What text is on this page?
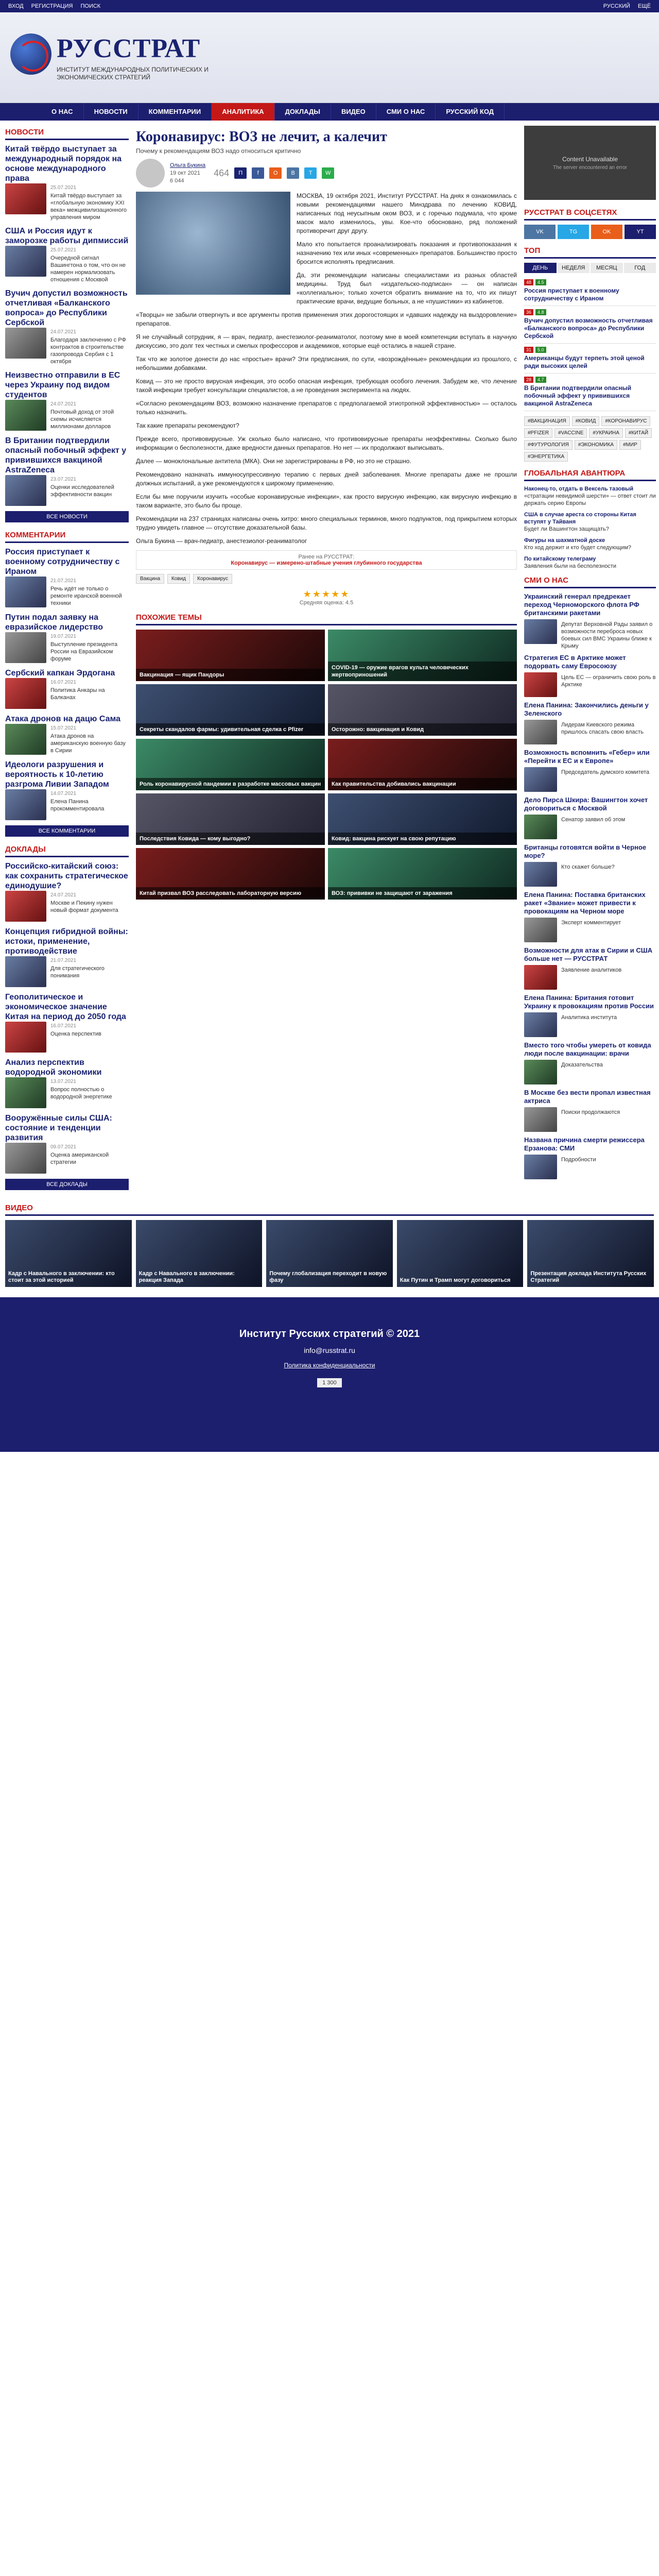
ВХОД РЕГИСТРАЦИЯ ПОИСК	РУССКИЙ ЕЩЁ
РУССТРАТ
ИНСТИТУТ МЕЖДУНАРОДНЫХ ПОЛИТИЧЕСКИХ И ЭКОНОМИЧЕСКИХ СТРАТЕГИЙ
О НАС	НОВОСТИ	КОММЕНТАРИИ	АНАЛИТИКА	ДОКЛАДЫ	ВИДЕО	СМИ О НАС	РУССКИЙ КОД
НОВОСТИ
Китай твёрдо выступает за международный порядок на основе международного права
25.07.2021
Китай твёрдо выступает за «глобальную экономику XXI века» межцивилизационного управления миром
США и Россия идут к заморозке работы дипмиссий
25.07.2021
Очередной сигнал Вашингтона о том, что он не намерен нормализовать отношения с Москвой
Вучич допустил возможность отчетливая «Балканского вопроса» до Республики Сербской
24.07.2021
Благодаря заключению с РФ контрактов в строительстве газопровода Сербия с 1 октября
Неизвестно отправили в ЕС через Украину под видом студентов
24.07.2021
Почтовый доход от этой схемы исчисляется миллионами долларов
В Британии подтвердили опасный побочный эффект у привившихся вакциной AstraZeneca
23.07.2021
Оценки исследователей эффективности вакцин
ВСЕ НОВОСТИ
КОММЕНТАРИИ
Россия приступает к военному сотрудничеству с Ираном
21.07.2021
Речь идёт не только о ремонте иранской военной техники
Путин подал заявку на евразийское лидерство
19.07.2021
Выступление президента России на Евразийском форуме
Сербский капкан Эрдогана
16.07.2021
Политика Анкары на Балканах
Атака дронов на дацю Сама
15.07.2021
Атака дронов на американскую военную базу в Сирии
Идеологи разрушения и вероятность к 10-летию разгрома Ливии Западом
14.07.2021
Елена Панина прокомментировала
ВСЕ КОММЕНТАРИИ
ДОКЛАДЫ
Российско-китайский союз: как сохранить стратегическое единодушие?
24.07.2021
Москве и Пекину нужен новый формат документа
Концепция гибридной войны: истоки, применение, противодействие
21.07.2021
Для стратегического понимания
Геополитическое и экономическое значение Китая на период до 2050 года
16.07.2021
Оценка перспектив
Анализ перспектив водородной экономики
13.07.2021
Вопрос полностью о водородной энергетике
Вооружённые силы США: состояние и тенденции развития
09.07.2021
Оценка американской стратегии
ВСЕ ДОКЛАДЫ
Коронавирус: ВОЗ не лечит, а калечит
Почему к рекомендациям ВОЗ надо относиться критично
Ольга Букина
19 окт 2021
6 044
464	П	f	О	В	Т	W

МОСКВА, 19 октября 2021, Институт РУССТРАТ. На днях я ознакомилась с новыми рекомендациями нашего Минздрава по лечению КОВИД, написанных под неусыпным оком ВОЗ, и с горечью подумала, что кроме масок мало изменилось, увы. Кое-что обосновано, ряд положений противоречит друг другу.

Мало кто попытается проанализировать показания и противопоказания к назначению тех или иных «современных» препаратов. Большинство просто бросится исполнять предписания.

Да, эти рекомендации написаны специалистами из разных областей медицины. Труд был «издательско-подписан» — он написан «коллегиально»; только хочется обратить внимание на то, что их пишут практические врачи, ведущие больных, а не «пушистики» из кабинетов.

«Творцы» не забыли отвергнуть и все аргументы против применения этих дорогостоящих и «давших надежду на выздоровление» препаратов.

Я не случайный сотрудник, я — врач, педиатр, анестезиолог-реаниматолог, поэтому мне в моей компетенции вступать в научную дискуссию, это долг тех честных и смелых профессоров и академиков, которые ещё остались в нашей стране.

Так что же золотое донести до нас «простые» врачи? Эти предписания, по сути, «возрождённые» рекомендации из прошлого, с небольшими добавками.

Ковид — это не просто вирусная инфекция, это особо опасная инфекция, требующая особого лечения. Забудем же, что лечение такой инфекции требует консультации специалистов, а не проведения эксперимента на людях.

«Согласно рекомендациям ВОЗ, возможно назначение препаратов с предполагаемой этиотропной эффективностью» — осталось только назначить.

Так какие препараты рекомендуют?

Прежде всего, противовирусные. Уж сколько было написано, что противовирусные препараты неэффективны. Сколько было информации о бесполезности, даже вредности данных препаратов. Но нет — их продолжают выписывать.

Далее — моноклональные антитела (МКА). Они не зарегистрированы в РФ, но это не страшно.

Рекомендовано назначать иммуносупрессивную терапию с первых дней заболевания. Многие препараты даже не прошли должных испытаний, а уже рекомендуются к широкому применению.

Если бы мне поручили изучить «особые коронавирусные инфекции», как просто вирусную инфекцию, как вирусную инфекцию в таком варианте, это было бы проще.

Рекомендации на 237 страницах написаны очень хитро: много специальных терминов, много подпунктов, под прикрытием которых трудно увидеть главное — отсутствие доказательной базы.

Ольга Букина — врач-педиатр, анестезиолог-реаниматолог

Ранее на РУССТРАТ:
Коронавирус — измерено-штабные учения глубинного государства
Вакцина	Ковид	Коронавирус
★★★★★
Средняя оценка: 4.5
ПОХОЖИЕ ТЕМЫ
Вакцинация — ящик Пандоры
COVID-19 — оружие врагов культа человеческих жертвоприношений
Секреты скандалов фармы: удивительная сделка с Pfizer	Осторожно: вакцинация и Ковид
Роль коронавирусной пандемии в разработке массовых вакцин	Как правительства добивались вакцинации
Последствия Ковида — кому выгодно?	Ковид: вакцина рискует на свою репутацию
Китай призвал ВОЗ расследовать лабораторную версию	ВОЗ: прививки не защищают от заражения
Content Unavailable
The server encountered an error
РУССТРАТ В СОЦСЕТЯХ
VK	TG	OK	YT
ТОП
ДЕНЬ	НЕДЕЛЯ	МЕСЯЦ	ГОД
48	4.5
Россия приступает к военному сотрудничеству с Ираном
36	4.8
Вучич допустил возможность отчетливая «Балканского вопроса» до Республики Сербской
31	5.0
Американцы будут терпеть этой ценой ради высоких целей
28	4.7
В Британии подтвердили опасный побочный эффект у привившихся вакциной AstraZeneca
#ВАКЦИНАЦИЯ	#КОВИД	#КОРОНАВИРУС
#PFIZER	#VACCINE	#УКРАИНА	#КИТАЙ
#ФУТУРОЛОГИЯ	#ЭКОНОМИКА	#МИР
#ЭНЕРГЕТИКА
ГЛОБАЛЬНАЯ АВАНТЮРА
Наконец-то, отдать в Вексель тазовый
«стратации невидимой шерсти» — ответ стоит ли держать серию Европы
США в случае ареста со стороны Китая вступят у Тайваня
Будет ли Вашингтон защищать?
Фигуры на шахматной доске
Кто ход держит и кто будет следующим?
По китайскому телеграму
Заявления были на бесполезности
СМИ О НАС
Украинский генерал предрекает переход Черноморского флота РФ британскими ракетами
Депутат Верховной Рады заявил о возможности переброса новых боевых сил ВМС Украины ближе к Крыму
Стратегия ЕС в Арктике может подорвать саму Евросоюзу
Цель ЕС — ограничить свою роль в Арктике
Елена Панина: Закончились деньги у Зеленского
Лидерам Киевского режима пришлось спасать свою власть
Возможность вспомнить «Гебер» или «Перейти к ЕС и к Европе»
Председатель думского комитета
Дело Пирса Шкира: Вашингтон хочет договориться с Москвой
Сенатор заявил об этом
Британцы готовятся войти в Черное море?
Кто скажет больше?
Елена Панина: Поставка британских ракет «Звание» может привести к провокациям на Черном море
Эксперт комментирует
Возможности для атак в Сирии и США больше нет — РУССТРАТ
Заявление аналитиков
Елена Панина: Британия готовит Украину к провокациям против России
Аналитика института
Вместо того чтобы умереть от ковида люди после вакцинации: врачи
Доказательства
В Москве без вести пропал известная актриса
Поиски продолжаются
Названа причина смерти режиссера Ерзанова: СМИ
Подробности
ВИДЕО
Кадр с Навального в заключении: кто стоит за этой историей
Кадр с Навального в заключении: реакция Запада
Почему глобализация переходит в новую фазу	Как Путин и Трамп могут договориться
Презентация доклада Института Русских Стратегий
Институт Русских стратегий © 2021
info@russtrat.ru
Политика конфиденциальности
1 300
